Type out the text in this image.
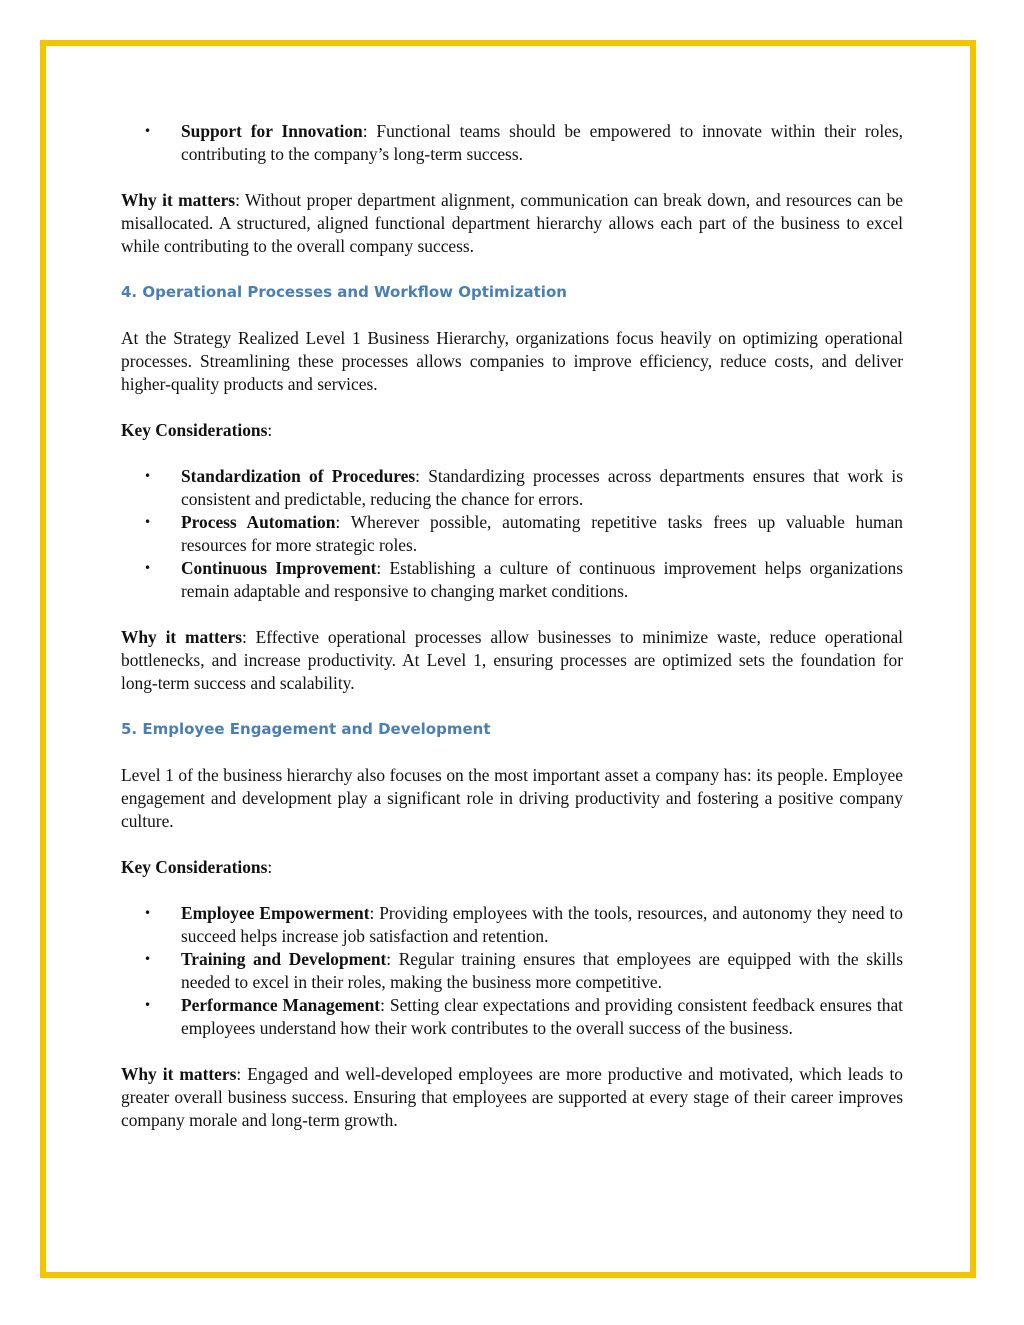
• Support for Innovation: Functional teams should be empowered to innovate within their roles, contributing to the company’s long-term success.

Why it matters: Without proper department alignment, communication can break down, and resources can be misallocated. A structured, aligned functional department hierarchy allows each part of the business to excel while contributing to the overall company success.

4. Operational Processes and Workflow Optimization

At the Strategy Realized Level 1 Business Hierarchy, organizations focus heavily on optimizing operational processes. Streamlining these processes allows companies to improve efficiency, reduce costs, and deliver higher-quality products and services.

Key Considerations:

• Standardization of Procedures: Standardizing processes across departments ensures that work is consistent and predictable, reducing the chance for errors.
• Process Automation: Wherever possible, automating repetitive tasks frees up valuable human resources for more strategic roles.
• Continuous Improvement: Establishing a culture of continuous improvement helps organizations remain adaptable and responsive to changing market conditions.

Why it matters: Effective operational processes allow businesses to minimize waste, reduce operational bottlenecks, and increase productivity. At Level 1, ensuring processes are optimized sets the foundation for long-term success and scalability.

5. Employee Engagement and Development

Level 1 of the business hierarchy also focuses on the most important asset a company has: its people. Employee engagement and development play a significant role in driving productivity and fostering a positive company culture.

Key Considerations:

• Employee Empowerment: Providing employees with the tools, resources, and autonomy they need to succeed helps increase job satisfaction and retention.
• Training and Development: Regular training ensures that employees are equipped with the skills needed to excel in their roles, making the business more competitive.
• Performance Management: Setting clear expectations and providing consistent feedback ensures that employees understand how their work contributes to the overall success of the business.

Why it matters: Engaged and well-developed employees are more productive and motivated, which leads to greater overall business success. Ensuring that employees are supported at every stage of their career improves company morale and long-term growth.
